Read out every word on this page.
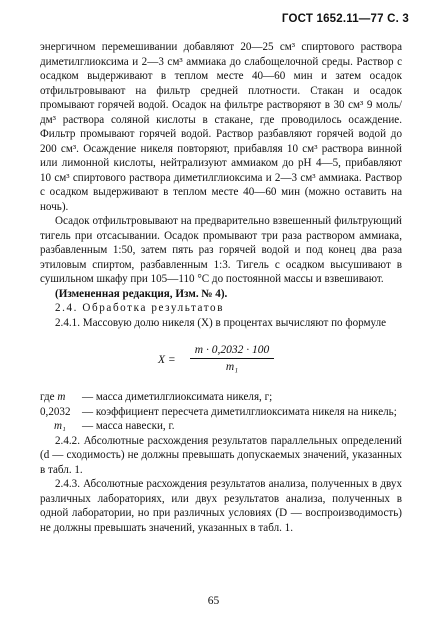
ГОСТ 1652.11—77 С. 3

энергичном перемешивании добавляют 20—25 см³ спиртового раствора диметилглиоксима и 2—3 см³ аммиака до слабощелочной среды. Раствор с осадком выдерживают в теплом месте 40—60 мин и затем осадок отфильтровывают на фильтр средней плотности. Стакан и осадок промывают горячей водой. Осадок на фильтре растворяют в 30 см³ 9 моль/дм³ раствора соляной кислоты в стакане, где проводилось осаждение. Фильтр промывают горячей водой. Раствор разбавляют горячей водой до 200 см³. Осаждение никеля повторяют, прибавляя 10 см³ раствора винной или лимонной кислоты, нейтрализуют аммиаком до pH 4—5, прибавляют 10 см³ спиртового раствора диметилглиоксима и 2—3 см³ аммиака. Раствор с осадком выдерживают в теплом месте 40—60 мин (можно оставить на ночь).

Осадок отфильтровывают на предварительно взвешенный фильтрующий тигель при отсасывании. Осадок промывают три раза раствором аммиака, разбавленным 1:50, затем пять раз горячей водой и под конец два раза этиловым спиртом, разбавленным 1:3. Тигель с осадком высушивают в сушильном шкафу при 105—110 °С до постоянной массы и взвешивают.

(Измененная редакция, Изм. № 4).

2.4. Обработка результатов

2.4.1. Массовую долю никеля (X) в процентах вычисляют по формуле

X =
m · 0,2032 · 100
m₁
где m	— масса диметилглиоксимата никеля, г;
0,2032	— коэффициент пересчета диметилглиоксимата никеля на никель;
m₁	— масса навески, г.

2.4.2. Абсолютные расхождения результатов параллельных определений (d — сходимость) не должны превышать допускаемых значений, указанных в табл. 1.

2.4.3. Абсолютные расхождения результатов анализа, полученных в двух различных лабораториях, или двух результатов анализа, полученных в одной лаборатории, но при различных условиях (D — воспроизводимость) не должны превышать значений, указанных в табл. 1.

65
